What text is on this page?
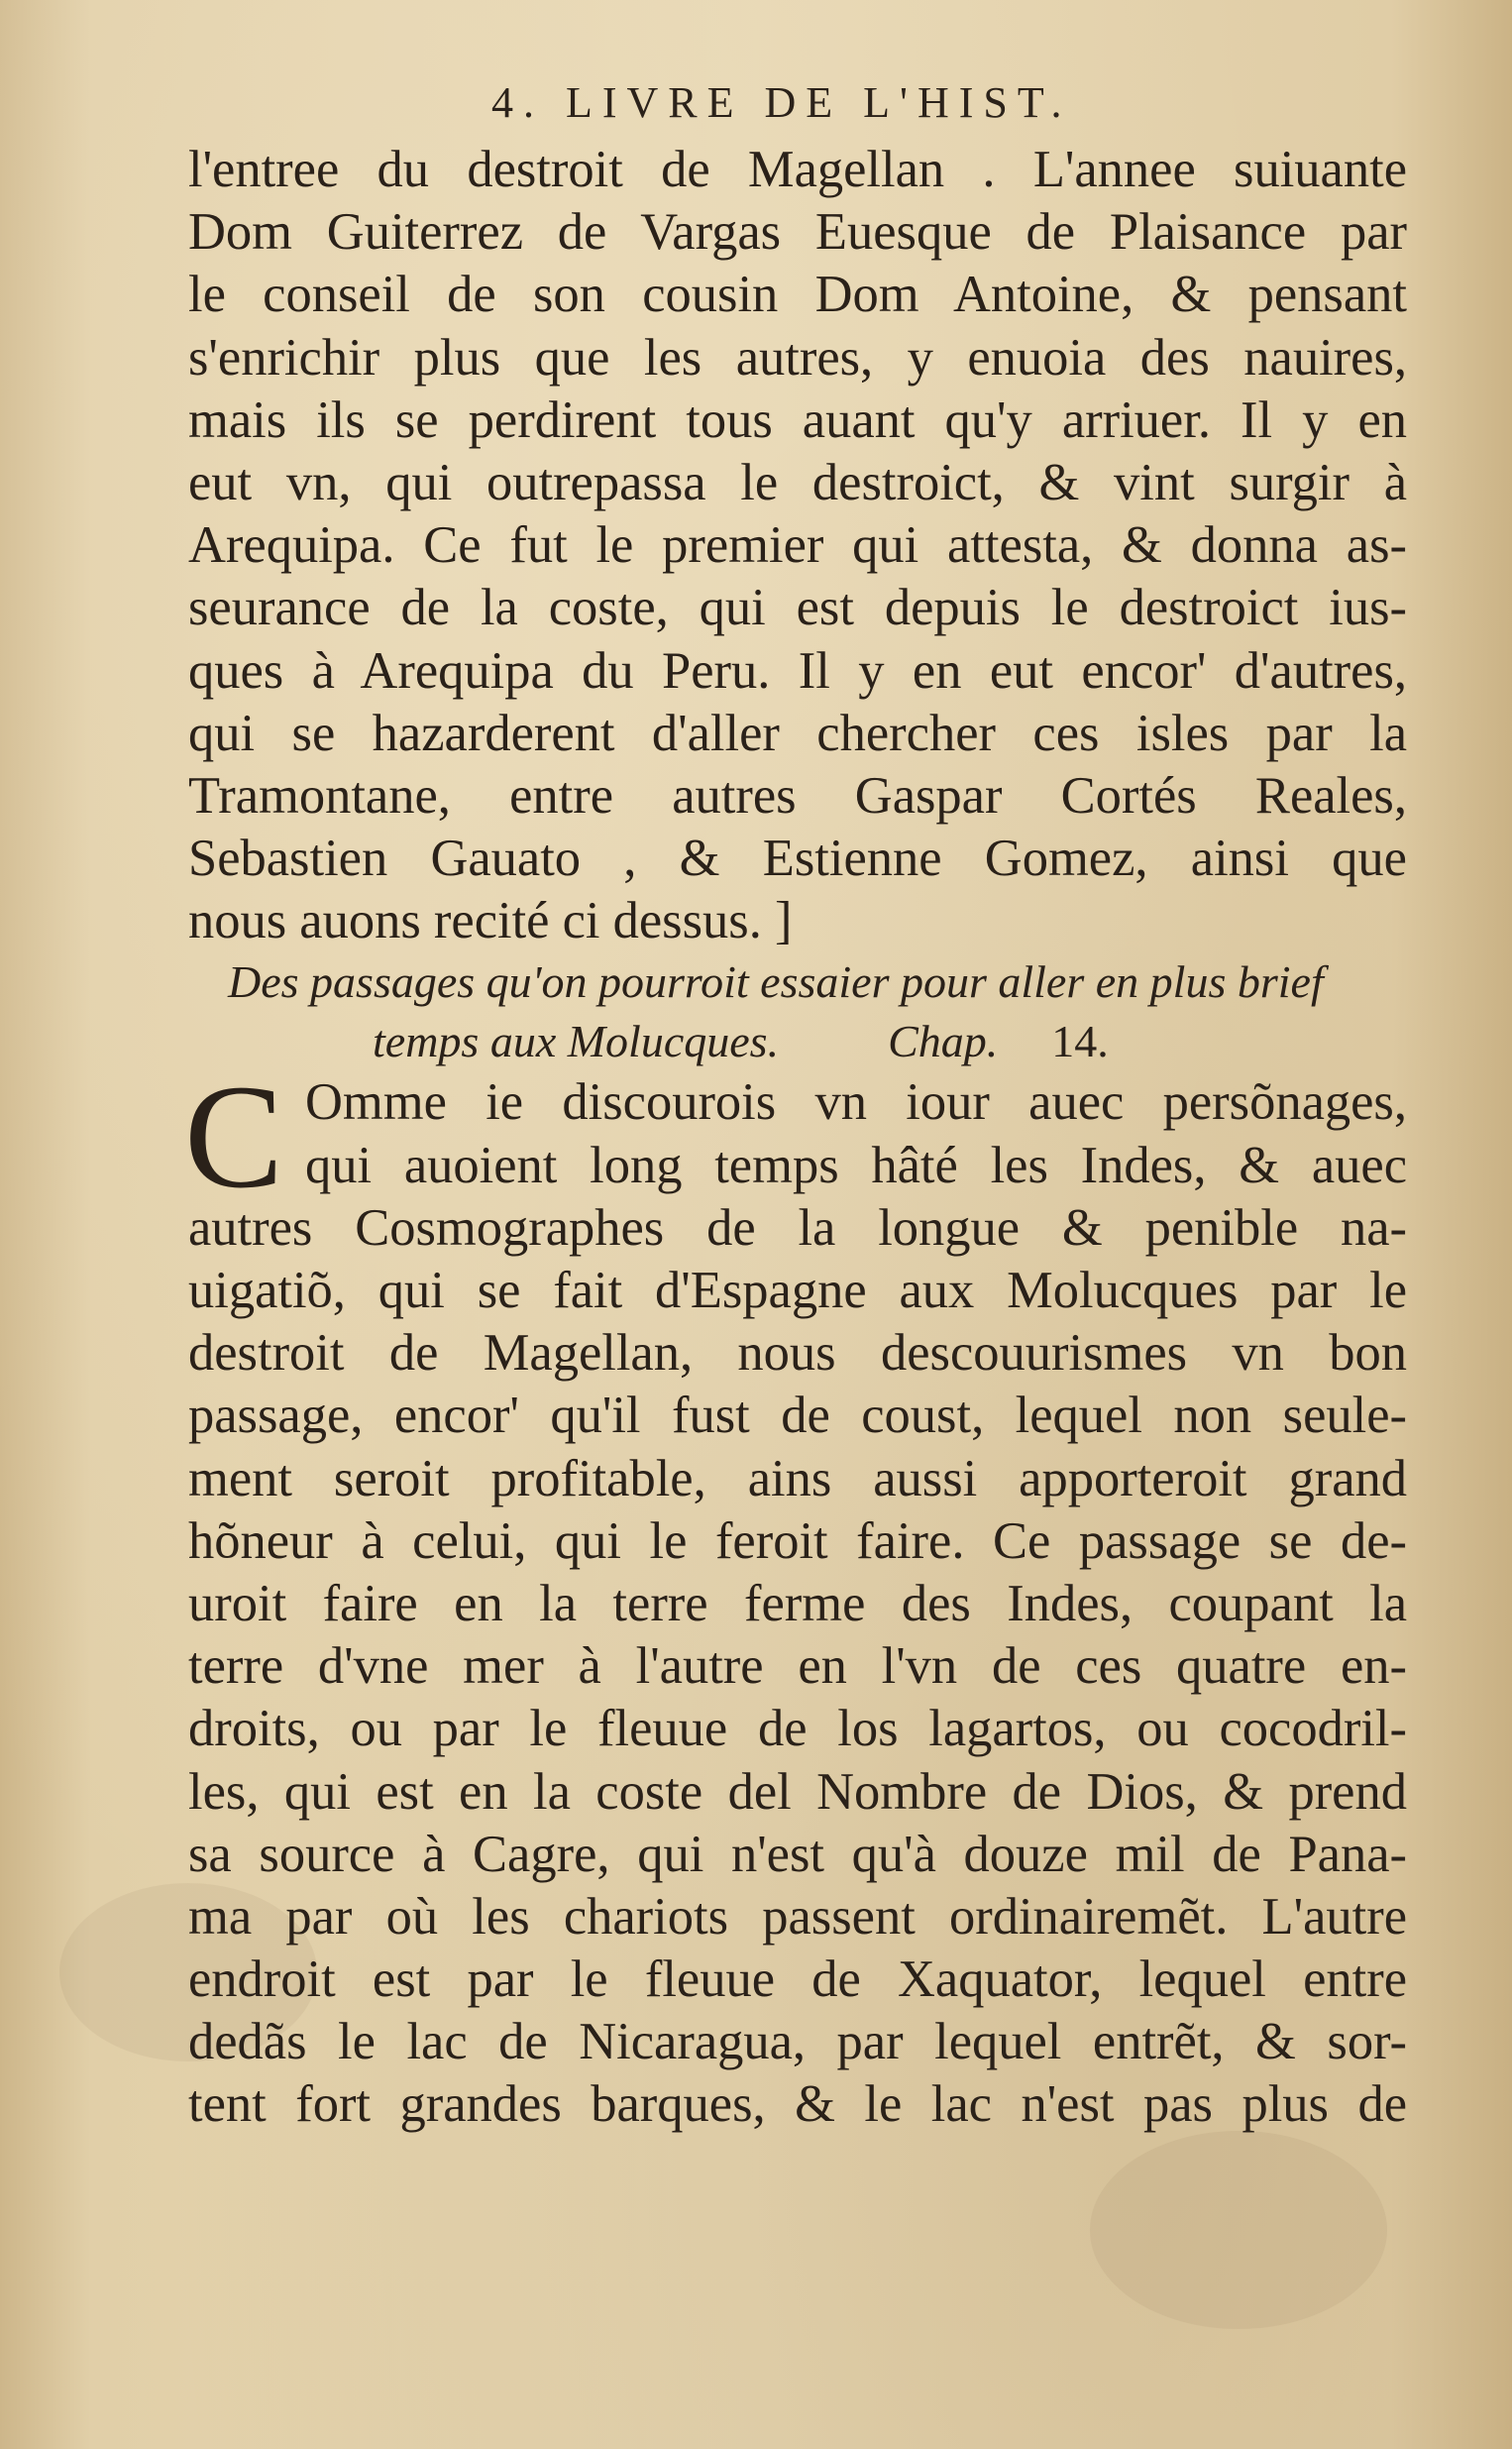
4. LIVRE DE L'HIST.
l'entree du destroit de Magellan . L'annee suiuante
Dom Guiterrez de Vargas Euesque de Plaisance par
le conseil de son cousin Dom Antoine, & pensant
s'enrichir plus que les autres, y enuoia des nauires,
mais ils se perdirent tous auant qu'y arriuer. Il y en
eut vn, qui outrepassa le destroict, & vint surgir à
Arequipa. Ce fut le premier qui attesta, & donna as-
seurance de la coste, qui est depuis le destroict ius-
ques à Arequipa du Peru. Il y en eut encor' d'autres,
qui se hazarderent d'aller chercher ces isles par la
Tramontane, entre autres Gaspar Cortés Reales,
Sebastien Gauato , & Estienne Gomez, ainsi que
nous auons recité ci dessus. ]
Des passages qu'on pourroit essaier pour aller en plus brief
temps aux Molucques. Chap. 14.
C Omme ie discourois vn iour auec persõnages,
qui auoient long temps hâté les Indes, & auec
autres Cosmographes de la longue & penible na-
uigatiõ, qui se fait d'Espagne aux Molucques par le
destroit de Magellan, nous descouurismes vn bon
passage, encor' qu'il fust de coust, lequel non seule-
ment seroit profitable, ains aussi apporteroit grand
hõneur à celui, qui le feroit faire. Ce passage se de-
uroit faire en la terre ferme des Indes, coupant la
terre d'vne mer à l'autre en l'vn de ces quatre en-
droits, ou par le fleuue de los lagartos, ou cocodril-
les, qui est en la coste del Nombre de Dios, & prend
sa source à Cagre, qui n'est qu'à douze mil de Pana-
ma par où les chariots passent ordinairemẽt. L'autre
endroit est par le fleuue de Xaquator, lequel entre
dedãs le lac de Nicaragua, par lequel entrẽt, & sor-
tent fort grandes barques, & le lac n'est pas plus de
